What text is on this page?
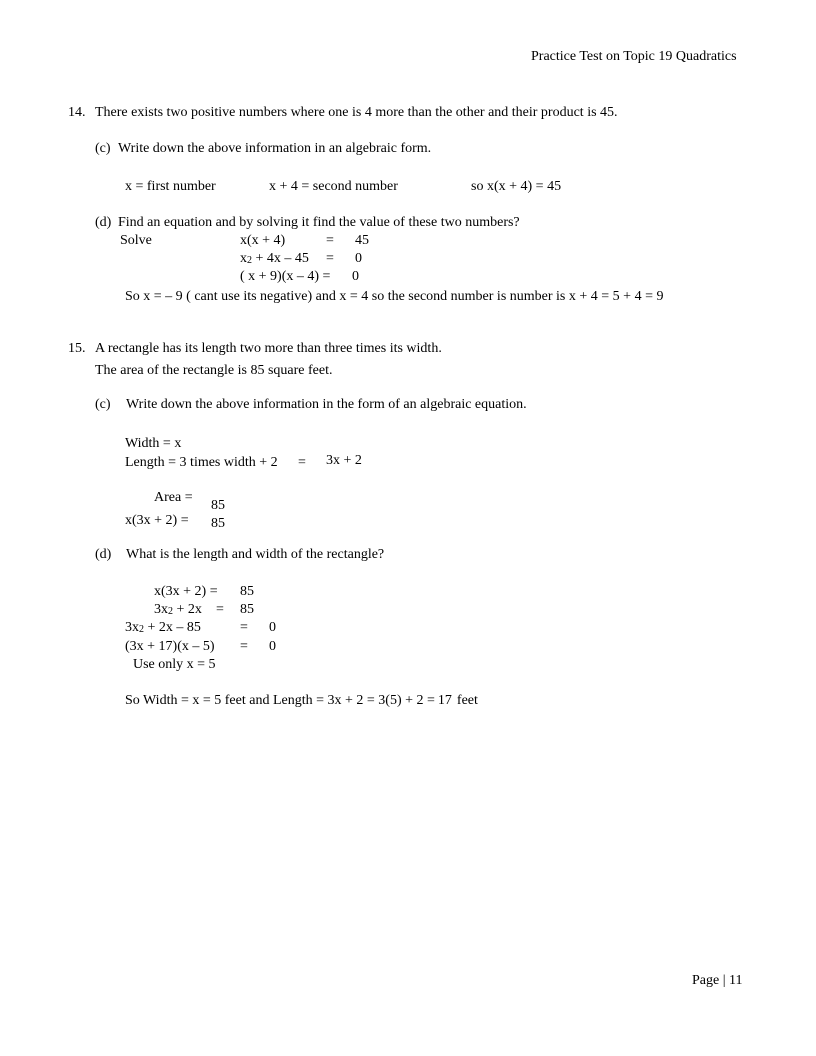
Practice Test on Topic 19 Quadratics
14. There exists two positive numbers where one is 4 more than the other and their product is 45.
(c) Write down the above information in an algebraic form.
x = first number	x + 4 = second number	so x(x + 4) = 45
(d) Find an equation and by solving it find the value of these two numbers?
Solve	x(x + 4)	= 45
x2 + 4x – 45 = 0
( x + 9)(x – 4) = 0
So x = – 9 ( cant use its negative) and x = 4 so the second number is number is x + 4 = 5 + 4 = 9
15. A rectangle has its length two more than three times its width.
The area of the rectangle is 85 square feet.
(c) Write down the above information in the form of an algebraic equation.
Width = x
Length = 3 times width + 2 = 3x + 2
Area =
85
x(3x + 2) = 85
(d) What is the length and width of the rectangle?
x(3x + 2) = 85
3x2 + 2x = 85
3x2 + 2x – 85	= 0
(3x + 17)(x – 5) = 0
Use only x = 5
So Width = x = 5 feet and Length = 3x + 2 = 3(5) + 2 = 17 feet
Page | 11
